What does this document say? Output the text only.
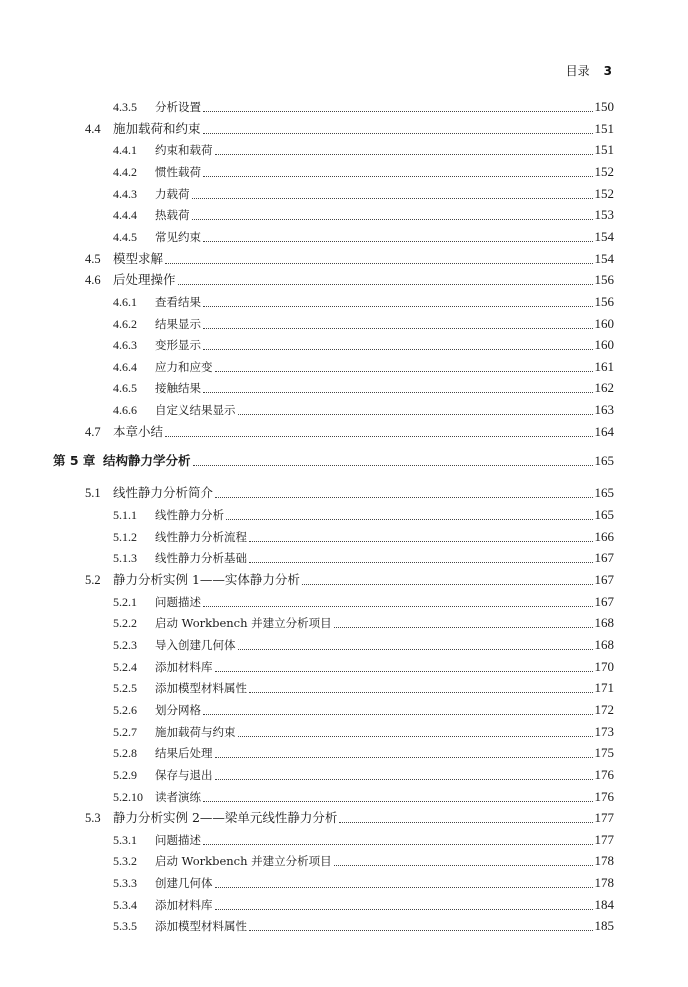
目录 3
4.3.5	分析设置	150
4.4 施加载荷和约束	151
4.4.1	约束和载荷	151
4.4.2	惯性载荷	152
4.4.3	力载荷	152
4.4.4	热载荷	153
4.4.5	常见约束	154
4.5 模型求解	154
4.6 后处理操作	156
4.6.1	查看结果	156
4.6.2	结果显示	160
4.6.3	变形显示	160
4.6.4	应力和应变	161
4.6.5	接触结果	162
4.6.6	自定义结果显示	163
4.7 本章小结	164
第 5 章 结构静力学分析	165
5.1 线性静力分析简介	165
5.1.1	线性静力分析	165
5.1.2	线性静力分析流程	166
5.1.3	线性静力分析基础	167
5.2 静力分析实例 1——实体静力分析	167
5.2.1	问题描述	167
5.2.2	启动 Workbench 并建立分析项目	168
5.2.3	导入创建几何体	168
5.2.4	添加材料库	170
5.2.5	添加模型材料属性	171
5.2.6	划分网格	172
5.2.7	施加载荷与约束	173
5.2.8	结果后处理	175
5.2.9	保存与退出	176
5.2.10	读者演练	176
5.3 静力分析实例 2——梁单元线性静力分析	177
5.3.1	问题描述	177
5.3.2	启动 Workbench 并建立分析项目	178
5.3.3	创建几何体	178
5.3.4	添加材料库	184
5.3.5	添加模型材料属性	185
